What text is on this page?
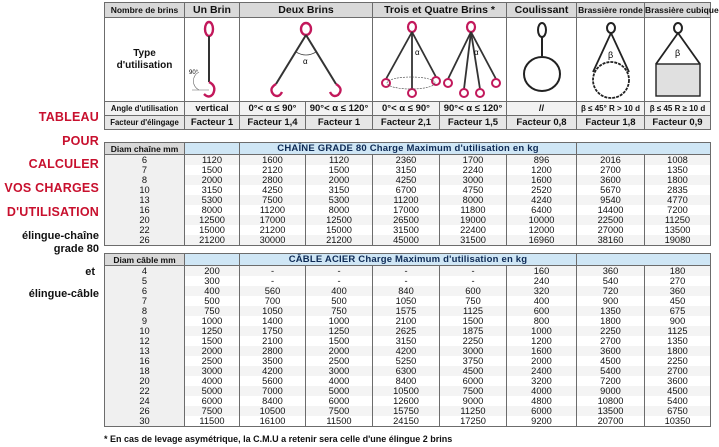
TABLEAU
POUR
CALCULER
VOS CHARGES
D'UTILISATION
élingue-chaîne
grade 80
et
élingue-câble
Nombre de brins	Un Brin	Deux Brins		Trois et Quatre Brins *		Coulissant	Brassière ronde	Brassière cubique
Type d'utilisation	90°	α		α α			β	β

Angle d'utilisation	vertical	0°< α ≤ 90°	90°< α ≤ 120°	0°< α ≤ 90°	90°< α ≤ 120°	//	β ≤ 45° R > 10 d	β ≤ 45 R ≥ 10 d
Facteur d'élingage	Facteur 1	Facteur 1,4	Facteur 1	Facteur 2,1	Facteur 1,5	Facteur 0,8	Facteur 1,8	Facteur 0,9
Diam chaîne mm		CHAÎNE GRADE 80 Charge Maximum d'utilisation en kg						
6	1120	1600	1120	2360	1700	896	2016	1008
7	1500	2120	1500	3150	2240	1200	2700	1350
8	2000	2800	2000	4250	3000	1600	3600	1800
10	3150	4250	3150	6700	4750	2520	5670	2835
13	5300	7500	5300	11200	8000	4240	9540	4770
16	8000	11200	8000	17000	11800	6400	14400	7200
20	12500	17000	12500	26500	19000	10000	22500	11250
22	15000	21200	15000	31500	22400	12000	27000	13500
26	21200	30000	21200	45000	31500	16960	38160	19080
Diam câble mm		CÂBLE ACIER Charge Maximum d'utilisation en kg						
4	200	-	-	-	-	160	360	180
5	300	-	-	-	-	240	540	270
6	400	560	400	840	600	320	720	360
7	500	700	500	1050	750	400	900	450
8	750	1050	750	1575	1125	600	1350	675
9	1000	1400	1000	2100	1500	800	1800	900
10	1250	1750	1250	2625	1875	1000	2250	1125
12	1500	2100	1500	3150	2250	1200	2700	1350
13	2000	2800	2000	4200	3000	1600	3600	1800
16	2500	3500	2500	5250	3750	2000	4500	2250
18	3000	4200	3000	6300	4500	2400	5400	2700
20	4000	5600	4000	8400	6000	3200	7200	3600
22	5000	7000	5000	10500	7500	4000	9000	4500
24	6000	8400	6000	12600	9000	4800	10800	5400
26	7500	10500	7500	15750	11250	6000	13500	6750
30	11500	16100	11500	24150	17250	9200	20700	10350
* En cas de levage asymétrique, la C.M.U a retenir sera celle d'une élingue 2 brins
